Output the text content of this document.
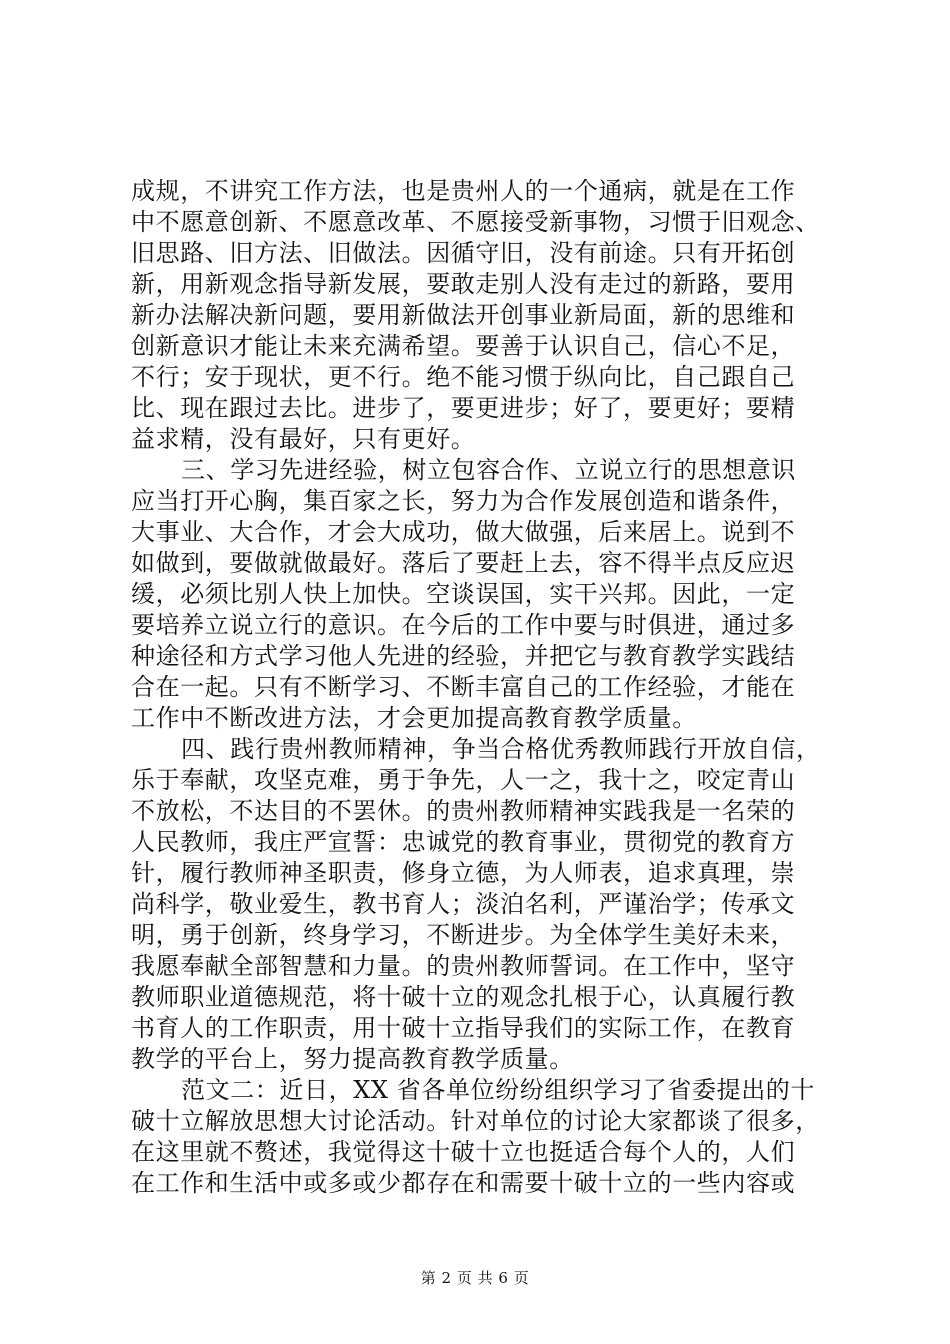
成规，不讲究工作方法，也是贵州人的一个通病，就是在工作
中不愿意创新、不愿意改革、不愿接受新事物，习惯于旧观念、
旧思路、旧方法、旧做法。因循守旧，没有前途。只有开拓创
新，用新观念指导新发展，要敢走别人没有走过的新路，要用
新办法解决新问题，要用新做法开创事业新局面，新的思维和
创新意识才能让未来充满希望。要善于认识自己，信心不足，
不行；安于现状，更不行。绝不能习惯于纵向比，自己跟自己
比、现在跟过去比。进步了，要更进步；好了，要更好；要精
益求精，没有最好，只有更好。
三、学习先进经验，树立包容合作、立说立行的思想意识
应当打开心胸，集百家之长，努力为合作发展创造和谐条件，
大事业、大合作，才会大成功，做大做强，后来居上。说到不
如做到，要做就做最好。落后了要赶上去，容不得半点反应迟
缓，必须比别人快上加快。空谈误国，实干兴邦。因此，一定
要培养立说立行的意识。在今后的工作中要与时俱进，通过多
种途径和方式学习他人先进的经验，并把它与教育教学实践结
合在一起。只有不断学习、不断丰富自己的工作经验，才能在
工作中不断改进方法，才会更加提高教育教学质量。
四、践行贵州教师精神，争当合格优秀教师践行开放自信，
乐于奉献，攻坚克难，勇于争先，人一之，我十之，咬定青山
不放松，不达目的不罢休。的贵州教师精神实践我是一名荣的
人民教师，我庄严宣誓：忠诚党的教育事业，贯彻党的教育方
针，履行教师神圣职责，修身立德，为人师表，追求真理，崇
尚科学，敬业爱生，教书育人；淡泊名利，严谨治学；传承文
明，勇于创新，终身学习，不断进步。为全体学生美好未来，
我愿奉献全部智慧和力量。的贵州教师誓词。在工作中，坚守
教师职业道德规范，将十破十立的观念扎根于心，认真履行教
书育人的工作职责，用十破十立指导我们的实际工作，在教育
教学的平台上，努力提高教育教学质量。
范文二：近日，XX 省各单位纷纷组织学习了省委提出的十
破十立解放思想大讨论活动。针对单位的讨论大家都谈了很多，
在这里就不赘述，我觉得这十破十立也挺适合每个人的，人们
在工作和生活中或多或少都存在和需要十破十立的一些内容或
第 2 页 共 6 页
